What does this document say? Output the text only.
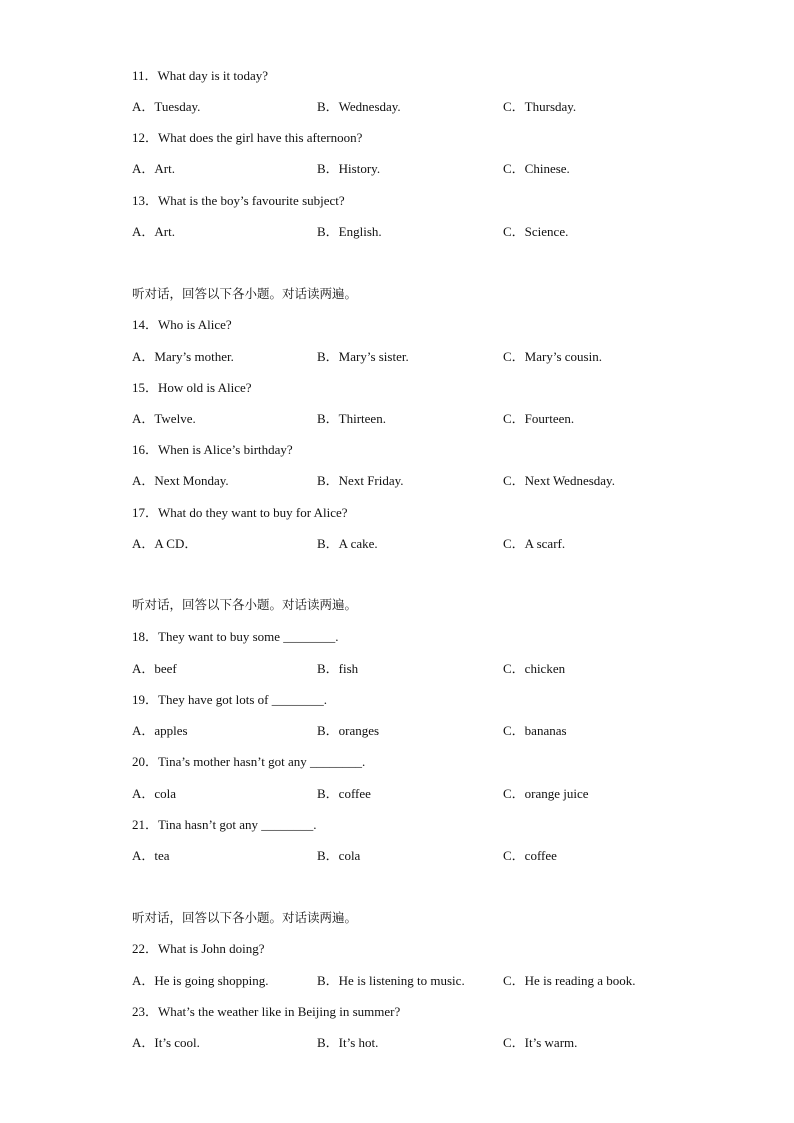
11．What day is it today?
A．Tuesday.	B．Wednesday.	C．Thursday.
12．What does the girl have this afternoon?
A．Art.	B．History.	C．Chinese.
13．What is the boy’s favourite subject?
A．Art.	B．English.	C．Science.
听对话，回答以下各小题。对话读两遍。
14．Who is Alice?
A．Mary’s mother.	B．Mary’s sister.	C．Mary’s cousin.
15．How old is Alice?
A．Twelve.	B．Thirteen.	C．Fourteen.
16．When is Alice’s birthday?
A．Next Monday.	B．Next Friday.	C．Next Wednesday.
17．What do they want to buy for Alice?
A．A CD．	B．A cake.	C．A scarf.
听对话，回答以下各小题。对话读两遍。
18．They want to buy some ________.
A．beef	B．fish	C．chicken
19．They have got lots of ________.
A．apples	B．oranges	C．bananas
20．Tina’s mother hasn’t got any ________.
A．cola	B．coffee	C．orange juice
21．Tina hasn’t got any ________.
A．tea	B．cola	C．coffee
听对话，回答以下各小题。对话读两遍。
22．What is John doing?
A．He is going shopping.	B．He is listening to music.	C．He is reading a book.
23．What’s the weather like in Beijing in summer?
A．It’s cool.	B．It’s hot.	C．It’s warm.
